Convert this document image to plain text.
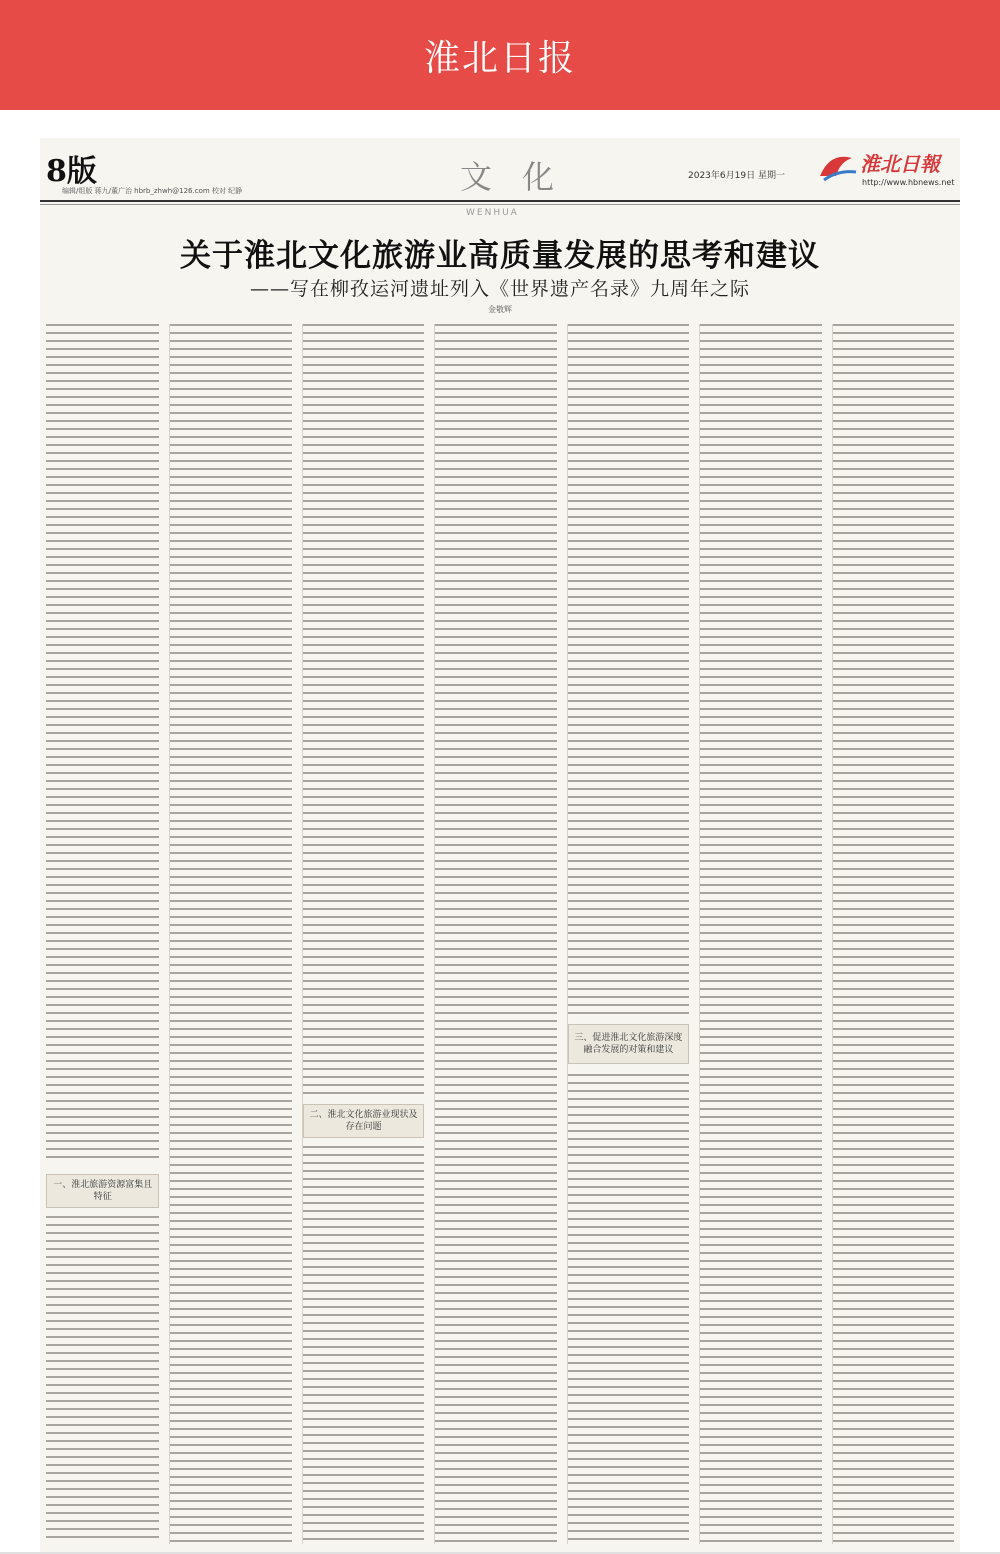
淮北日报
8版
编辑/组版 蒋九/董广治 hbrb_zhwh@126.com 校对 纪静	文化	2023年6月19日 星期一	淮北日報
http://www.hbnews.net
WENHUA
关于淮北文化旅游业高质量发展的思考和建议
——写在柳孜运河遗址列入《世界遗产名录》九周年之际
金敬辉
一、淮北旅游资源富集且特征
二、淮北文化旅游业现状及存在问题
三、促进淮北文化旅游深度融合发展的对策和建议
